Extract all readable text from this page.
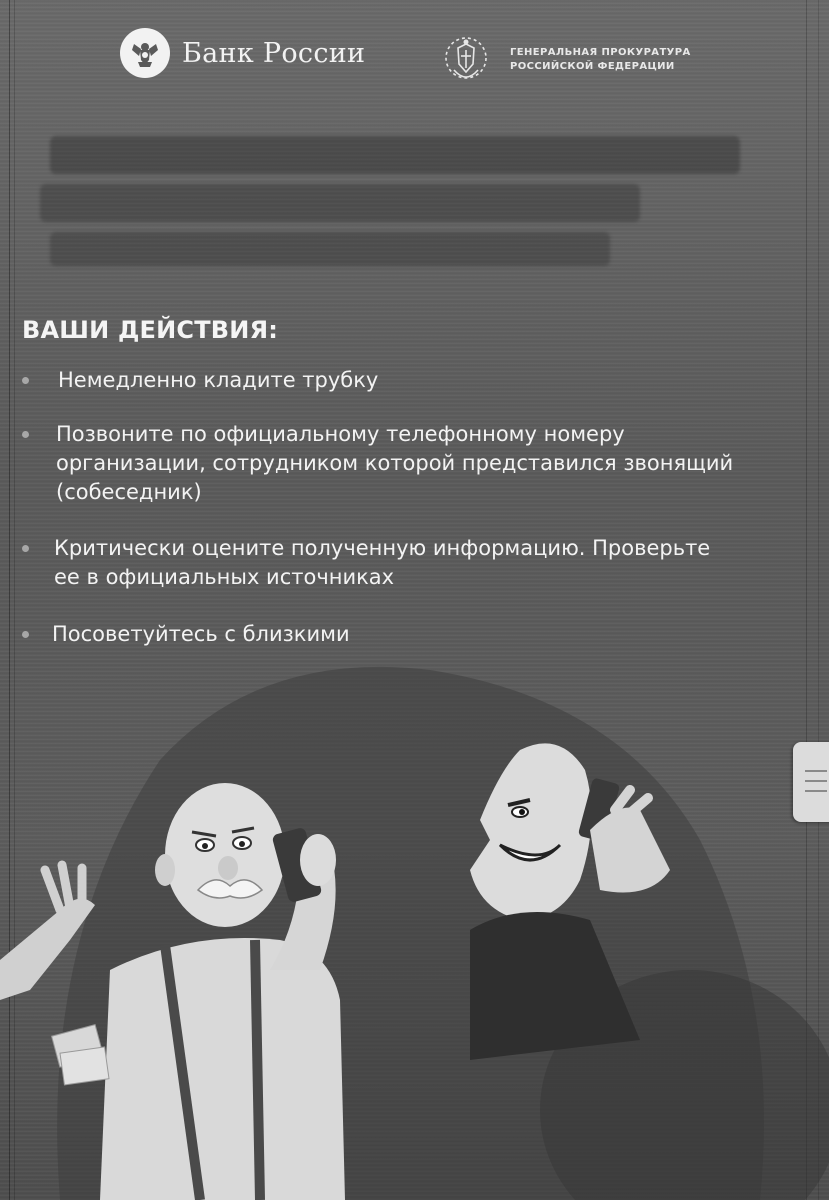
Банк России	ГЕНЕРАЛЬНАЯ ПРОКУРАТУРА
РОССИЙСКОЙ ФЕДЕРАЦИИ
ВАШИ ДЕЙСТВИЯ:
Немедленно кладите трубку
Позвоните по официальному телефонному номеру организации, сотрудником которой представился звонящий (собеседник)
Критически оцените полученную информацию. Проверьте ее в официальных источниках
Посоветуйтесь с близкими
